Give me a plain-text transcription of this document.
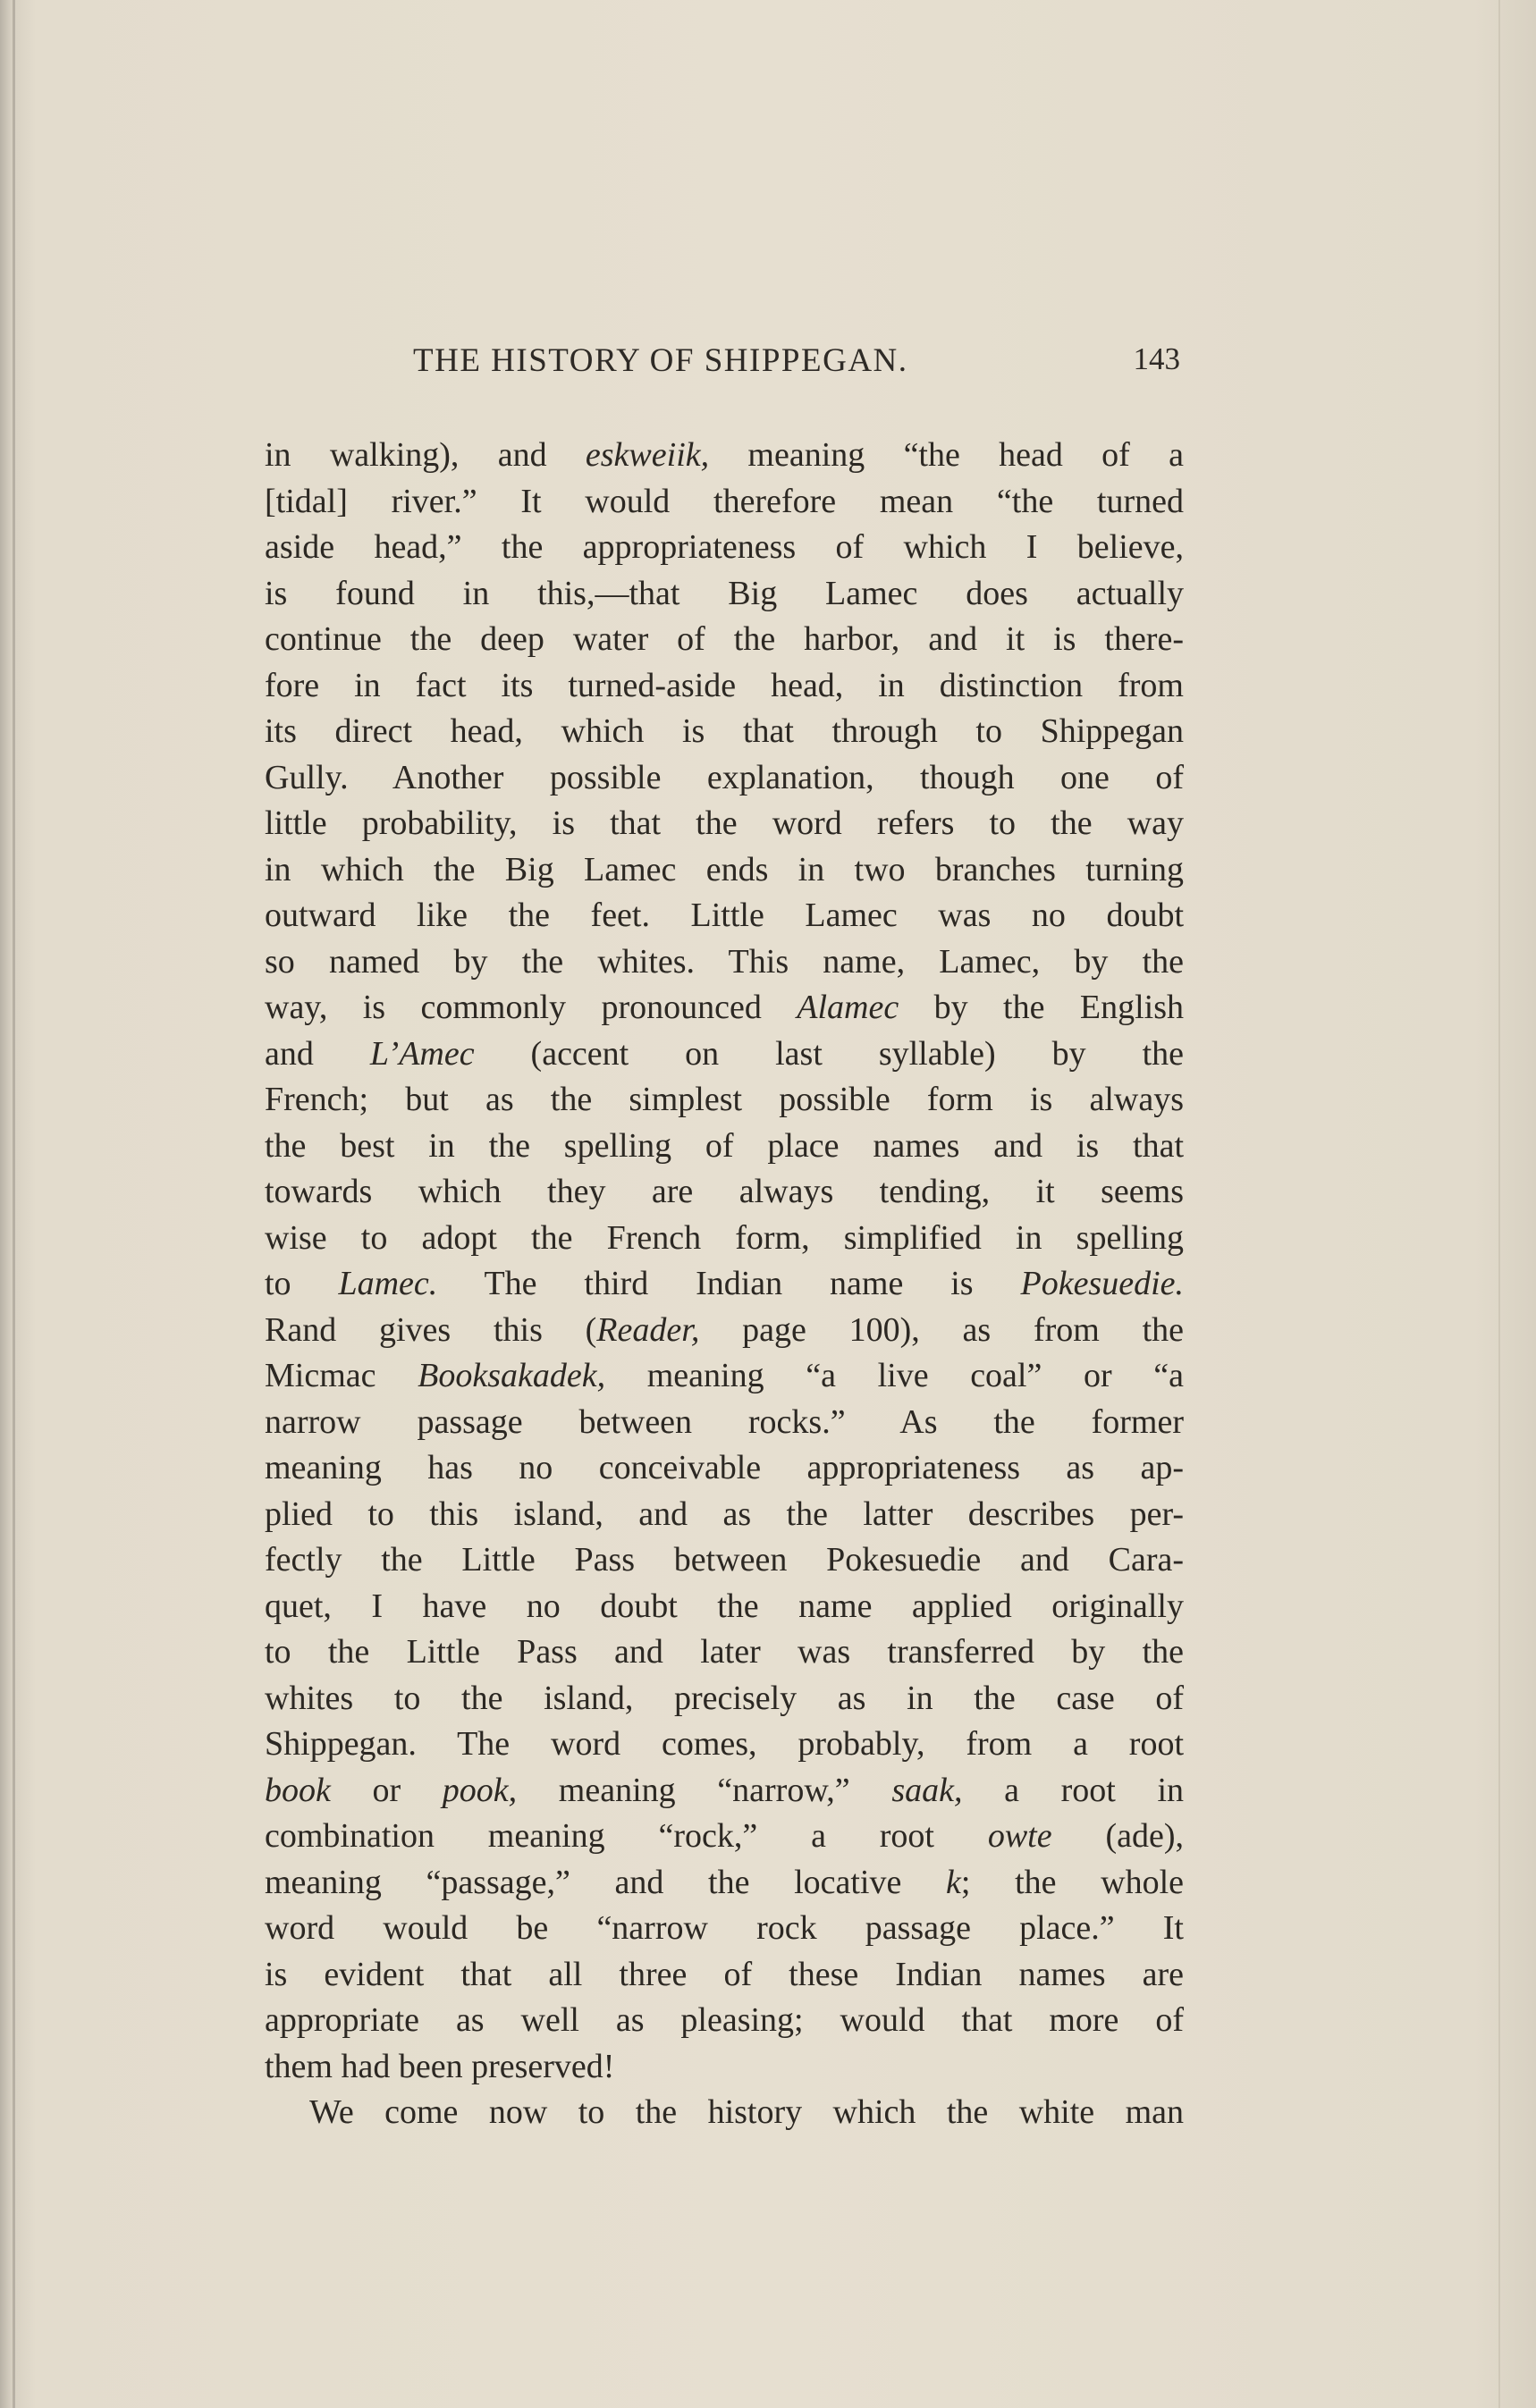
THE HISTORY OF SHIPPEGAN.	143
in walking), and eskweiik, meaning “the head of a
[tidal] river.” It would therefore mean “the turned
aside head,” the appropriateness of which I believe,
is found in this,—that Big Lamec does actually
continue the deep water of the harbor, and it is there-
fore in fact its turned-aside head, in distinction from
its direct head, which is that through to Shippegan
Gully. Another possible explanation, though one of
little probability, is that the word refers to the way
in which the Big Lamec ends in two branches turning
outward like the feet. Little Lamec was no doubt
so named by the whites. This name, Lamec, by the
way, is commonly pronounced Alamec by the English
and L’Amec (accent on last syllable) by the
French; but as the simplest possible form is always
the best in the spelling of place names and is that
towards which they are always tending, it seems
wise to adopt the French form, simplified in spelling
to Lamec. The third Indian name is Pokesuedie.
Rand gives this (Reader, page 100), as from the
Micmac Booksakadek, meaning “a live coal” or “a
narrow passage between rocks.” As the former
meaning has no conceivable appropriateness as ap-
plied to this island, and as the latter describes per-
fectly the Little Pass between Pokesuedie and Cara-
quet, I have no doubt the name applied originally
to the Little Pass and later was transferred by the
whites to the island, precisely as in the case of
Shippegan. The word comes, probably, from a root
book or pook, meaning “narrow,” saak, a root in
combination meaning “rock,” a root owte (ade),
meaning “passage,” and the locative k; the whole
word would be “narrow rock passage place.” It
is evident that all three of these Indian names are
appropriate as well as pleasing; would that more of
them had been preserved!
We come now to the history which the white man
